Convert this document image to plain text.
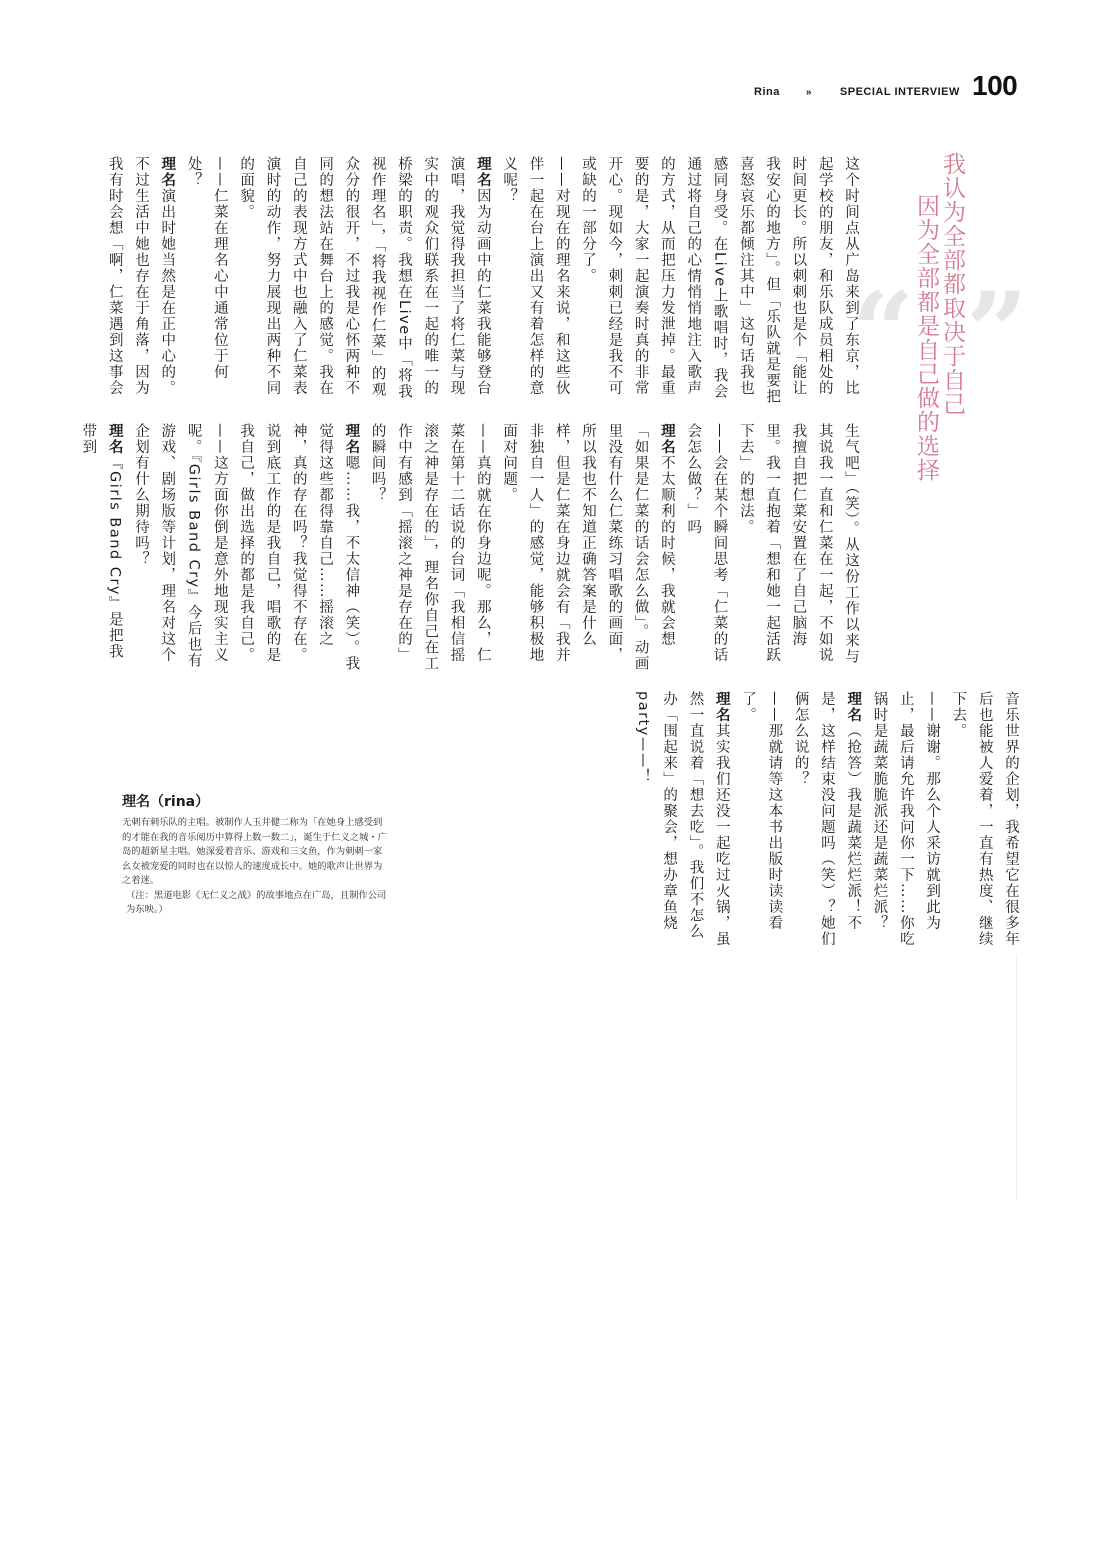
Rina	»	SPECIAL INTERVIEW 100
“ ”
我认为全部都取决于自己
因为全部都是自己做的选择
这个时间点从广岛来到了东京，比起学校的朋友，和乐队成员相处的时间更长。所以刺刺也是个「能让我安心的地方」。但「乐队就是要把喜怒哀乐都倾注其中」这句话我也感同身受。在Live上歌唱时，我会通过将自己的心情悄悄地注入歌声的方式，从而把压力发泄掉。最重要的是，大家一起演奏时真的非常开心。现如今，刺刺已经是我不可或缺的一部分了。
——对现在的理名来说，和这些伙伴一起在台上演出又有着怎样的意义呢？
理名因为动画中的仁菜我能够登台演唱，我觉得我担当了将仁菜与现实中的观众们联系在一起的唯一的桥梁的职责。我想在Live中「将我视作理名」，「将我视作仁菜」的观众分的很开，不过我是心怀两种不同的想法站在舞台上的感觉。我在自己的表现方式中也融入了仁菜表演时的动作，努力展现出两种不同的面貌。
——仁菜在理名心中通常位于何处？
理名演出时她当然是在正中心的。不过生活中她也存在于角落，因为我有时会想「啊，仁菜遇到这事会
生气吧」（笑）。从这份工作以来与其说我一直和仁菜在一起，不如说我擅自把仁菜安置在了自己脑海里。我一直抱着「想和她一起活跃下去」的想法。
——会在某个瞬间思考「仁菜的话会怎么做？」吗
理名不太顺利的时候，我就会想「如果是仁菜的话会怎么做」。动画里没有什么仁菜练习唱歌的画面，所以我也不知道正确答案是什么样，但是仁菜在身边就会有「我并非独自一人」的感觉，能够积极地面对问题。
——真的就在你身边呢。那么，仁菜在第十二话说的台词「我相信摇滚之神是存在的」，理名你自己在工作中有感到「摇滚之神是存在的」的瞬间吗？
理名嗯……我，不太信神（笑）。我觉得这些都得靠自己……摇滚之神，真的存在吗？我觉得不存在。说到底工作的是我自己，唱歌的是我自己，做出选择的都是我自己。
——这方面你倒是意外地现实主义呢。『Girls Band Cry』今后也有游戏、剧场版等计划，理名对这个企划有什么期待吗？
理名『Girls Band Cry』是把我带到
音乐世界的企划，我希望它在很多年后也能被人爱着，一直有热度、继续下去。
——谢谢。那么个人采访就到此为止，最后请允许我问你一下……你吃锅时是蔬菜脆脆派还是蔬菜烂派？
理名（抢答）我是蔬菜烂烂派！不是，这样结束没问题吗（笑）？她们俩怎么说的？
——那就请等这本书出版时读读看了。
理名其实我们还没一起吃过火锅，虽然一直说着「想去吃」。我们不怎么办「围起来」的聚会，想办章鱼烧party——！
理名（rina）
无刺有刺乐队的主唱。被制作人玉井健二称为「在她身上感受到的才能在我的音乐阅历中算得上数一数二」，诞生于仁义之城・广岛的超新星主唱。她深爱着音乐、游戏和三文鱼，作为刺刺一家幺女被宠爱的同时也在以惊人的速度成长中。她的歌声让世界为之着迷。
（注：黑道电影《无仁义之战》的故事地点在广岛，且制作公司为东映。）
